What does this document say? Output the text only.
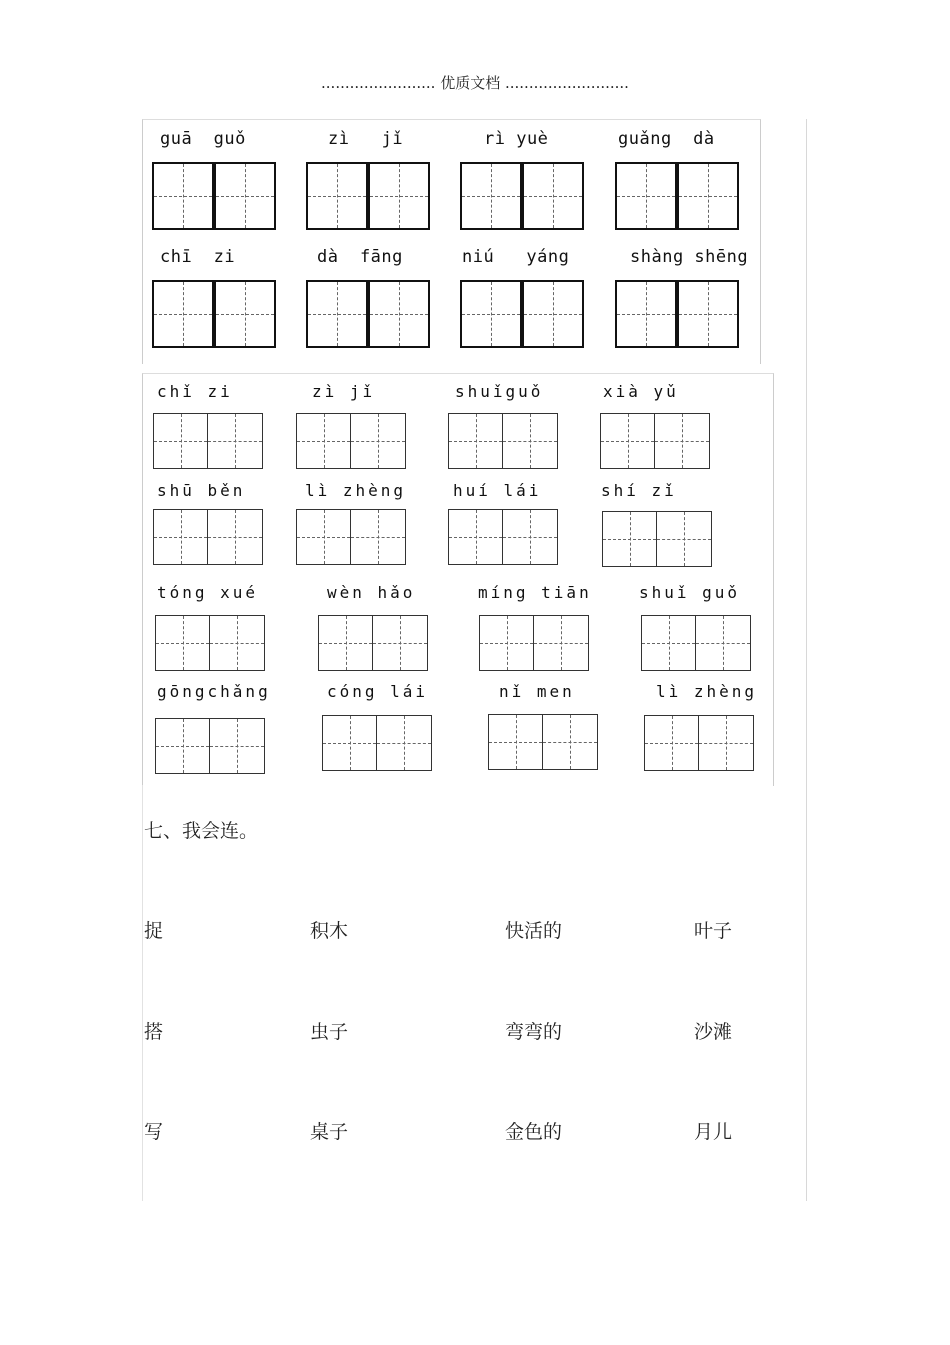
........................ 优质文档 ..........................
guā  guǒ	zì   jǐ	rì yuè	guǎng  dà
chī  zi	dà  fāng	niú   yáng	shàng shēng
chǐ zi	zì jǐ	shuǐguǒ	xià yǔ
shū běn	lì zhèng	huí lái	shí zǐ
tóng xué	wèn hǎo	míng tiān	shuǐ guǒ
gōngchǎng	cóng lái	nǐ men	lì zhèng
七、我会连。
捉	积木	快活的	叶子
搭	虫子	弯弯的	沙滩
写	桌子	金色的	月儿
